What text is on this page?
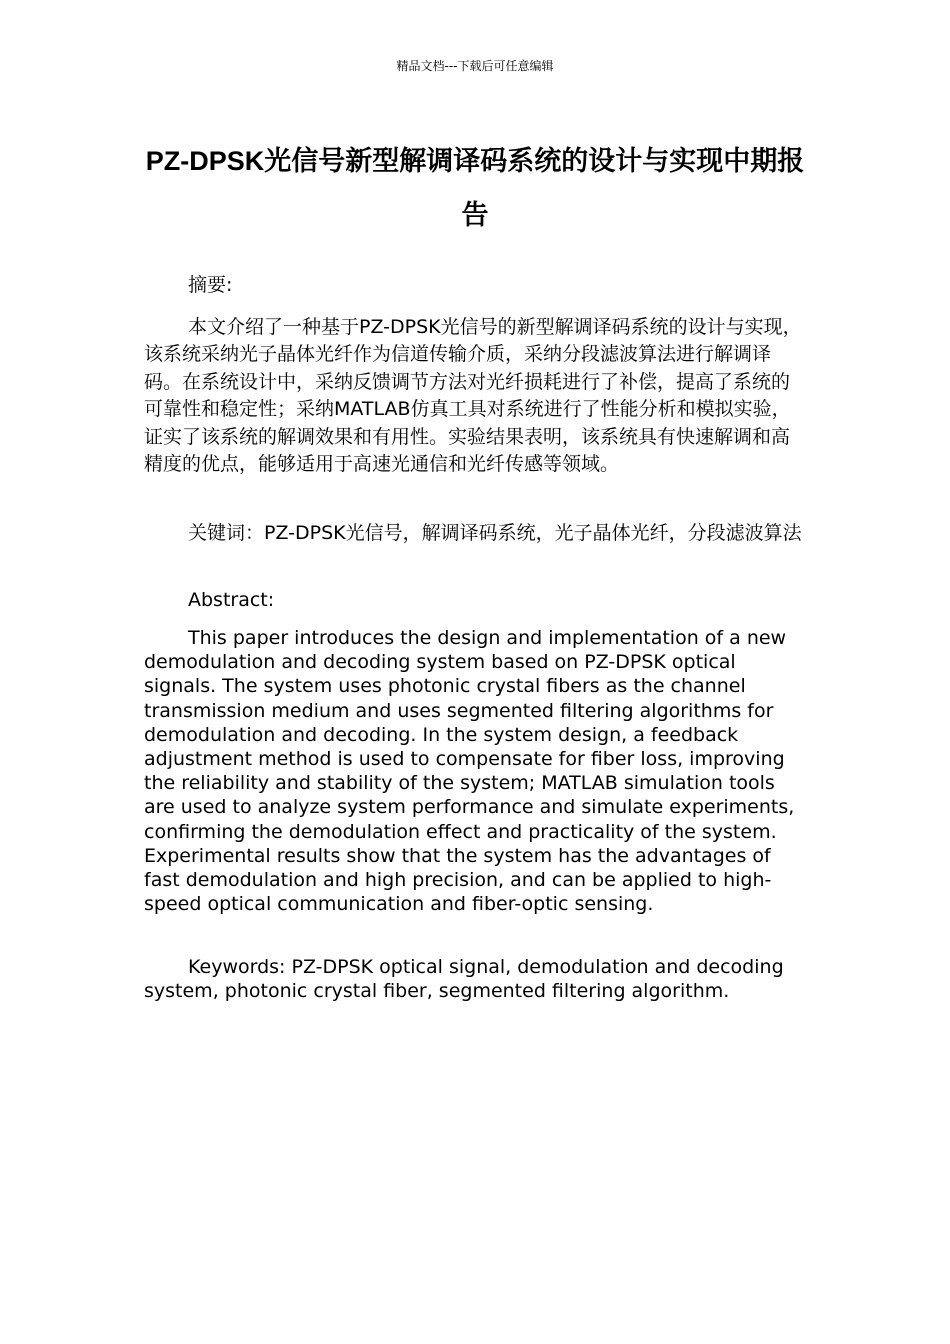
精品文档---下载后可任意编辑
PZ-DPSK光信号新型解调译码系统的设计与实现中期报告

摘要:

本文介绍了一种基于PZ-DPSK光信号的新型解调译码系统的设计与实现，该系统采纳光子晶体光纤作为信道传输介质，采纳分段滤波算法进行解调译码。在系统设计中，采纳反馈调节方法对光纤损耗进行了补偿，提高了系统的可靠性和稳定性；采纳MATLAB仿真工具对系统进行了性能分析和模拟实验，证实了该系统的解调效果和有用性。实验结果表明，该系统具有快速解调和高精度的优点，能够适用于高速光通信和光纤传感等领域。

关键词：PZ-DPSK光信号，解调译码系统，光子晶体光纤，分段滤波算法

Abstract:

This paper introduces the design and implementation of a new demodulation and decoding system based on PZ-DPSK optical signals. The system uses photonic crystal fibers as the channel transmission medium and uses segmented filtering algorithms for demodulation and decoding. In the system design, a feedback adjustment method is used to compensate for fiber loss, improving the reliability and stability of the system; MATLAB simulation tools are used to analyze system performance and simulate experiments, confirming the demodulation effect and practicality of the system. Experimental results show that the system has the advantages of fast demodulation and high precision, and can be applied to high-speed optical communication and fiber-optic sensing.

Keywords: PZ-DPSK optical signal, demodulation and decoding system, photonic crystal fiber, segmented filtering algorithm.
